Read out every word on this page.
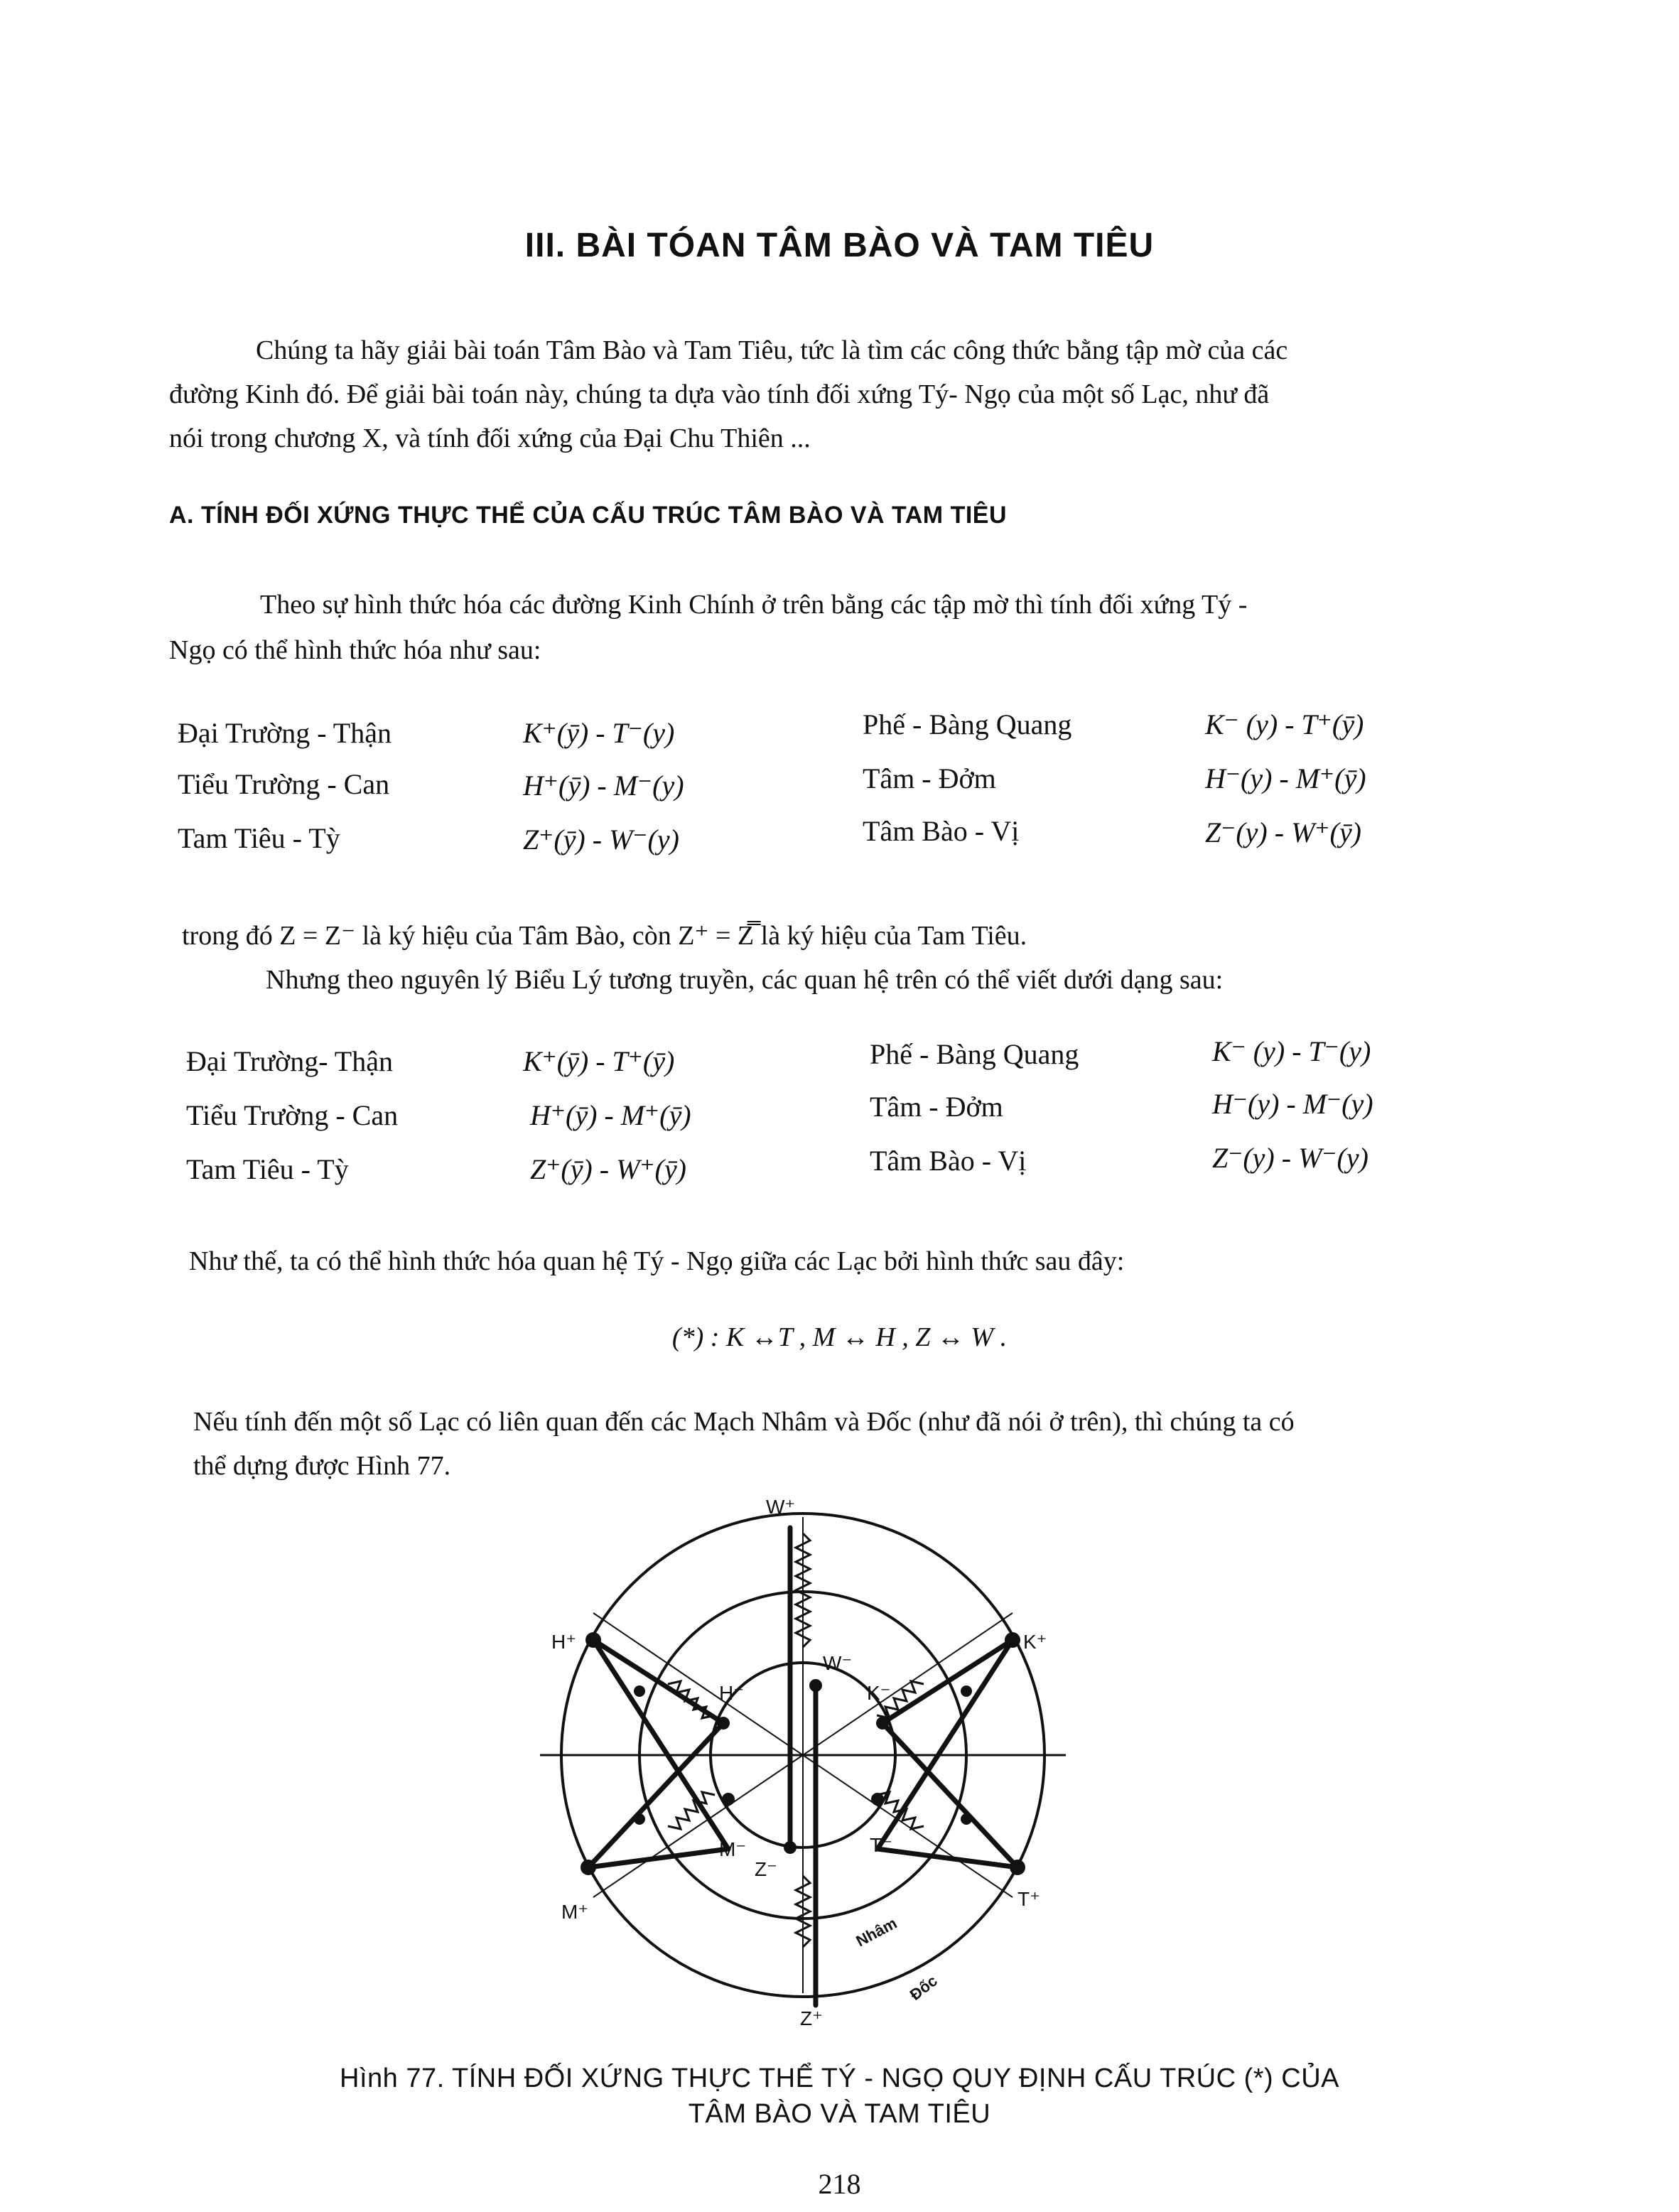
III. BÀI TÓAN TÂM BÀO VÀ TAM TIÊU
Chúng ta hãy giải bài toán Tâm Bào và Tam Tiêu, tức là tìm các công thức bằng tập mờ của các
đường Kinh đó. Để giải bài toán này, chúng ta dựa vào tính đối xứng Tý- Ngọ của một số Lạc, như đã
nói trong chương X, và tính đối xứng của Đại Chu Thiên ...
A. TÍNH ĐỐI XỨNG THỰC THỂ CỦA CẤU TRÚC TÂM BÀO VÀ TAM TIÊU
Theo sự hình thức hóa các đường Kinh Chính ở trên bằng các tập mờ thì tính đối xứng Tý -
Ngọ có thể hình thức hóa như sau:
Đại Trường - Thận	K⁺(ȳ) - T⁻(y)	Phế - Bàng Quang	K⁻ (y) - T⁺(ȳ)
Tiểu Trường - Can	H⁺(ȳ) - M⁻(y)	Tâm - Đởm	H⁻(y) - M⁺(ȳ)
Tam Tiêu - Tỳ	Z⁺(ȳ) - W⁻(y)	Tâm Bào - Vị	Z⁻(y) - W⁺(ȳ)
trong đó Z = Z⁻ là ký hiệu của Tâm Bào, còn Z⁺ = Z̿ là ký hiệu của Tam Tiêu.
Nhưng theo nguyên lý Biểu Lý tương truyền, các quan hệ trên có thể viết dưới dạng sau:
Đại Trường- Thận	K⁺(ȳ) - T⁺(ȳ)	Phế - Bàng Quang	K⁻ (y) - T⁻(y)
Tiểu Trường - Can	H⁺(ȳ) - M⁺(ȳ)	Tâm - Đởm	H⁻(y) - M⁻(y)
Tam Tiêu - Tỳ	Z⁺(ȳ) - W⁺(ȳ)	Tâm Bào - Vị	Z⁻(y) - W⁻(y)
Như thế, ta có thể hình thức hóa quan hệ Tý - Ngọ giữa các Lạc bởi hình thức sau đây:
(*) : K ↔T , M ↔ H , Z ↔ W .
Nếu tính đến một số Lạc có liên quan đến các Mạch Nhâm và Đốc (như đã nói ở trên), thì chúng ta có
thể dựng được Hình 77.
W⁺
W⁻
H⁺
H⁻
K⁺
K⁻
M⁺
M⁻
T⁺
T⁻
Z⁺
Z⁻
Nhâm
Đốc
Hình 77. TÍNH ĐỐI XỨNG THỰC THỂ TÝ - NGỌ QUY ĐỊNH CẤU TRÚC (*) CỦA
TÂM BÀO VÀ TAM TIÊU
218
